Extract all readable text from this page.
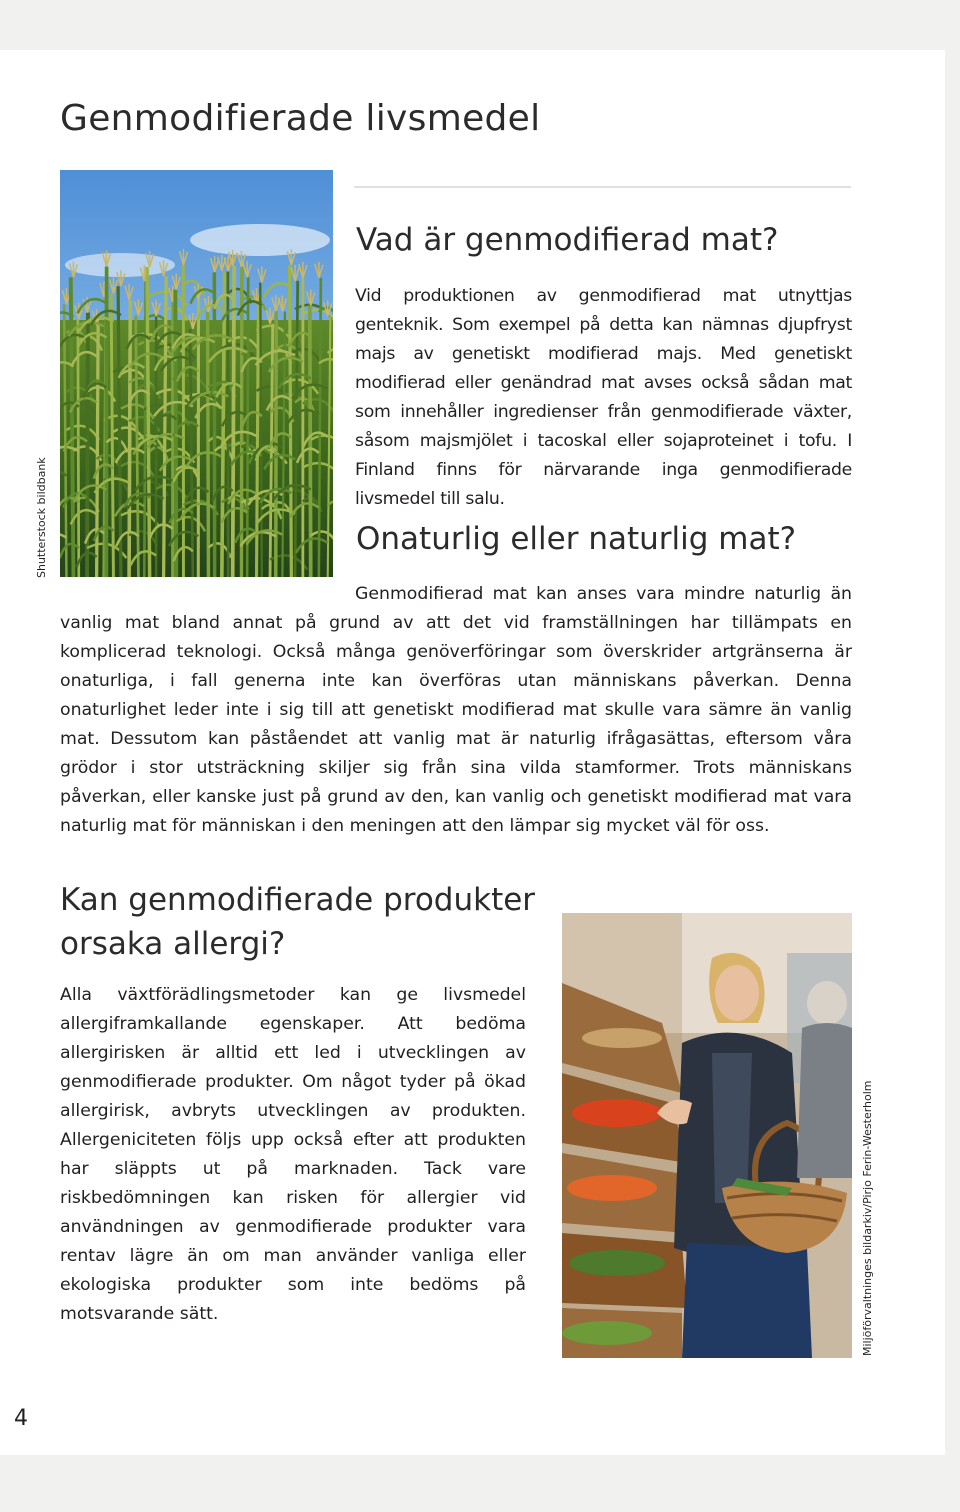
Genmodifierade livsmedel
Shutterstock bildbank
Vad är genmodifierad mat?

Vid produktionen av genmodifierad mat utnyttjas genteknik. Som exempel på detta kan nämnas djupfryst majs av genetiskt modifierad majs. Med genetiskt modifierad eller genändrad mat avses också sådan mat som innehåller ingredienser från genmodifierade växter, såsom majsmjölet i tacoskal eller sojaproteinet i tofu. I Finland finns för närvarande inga genmodifierade livsmedel till salu.

Onaturlig eller naturlig mat?

Genmodifierad mat kan anses vara mindre naturlig än vanlig mat bland annat på grund av att det vid framställningen har tillämpats en komplicerad teknologi. Också många genöverföringar som överskrider artgränserna är onaturliga, i fall generna inte kan överföras utan människans påverkan. Denna onaturlighet leder inte i sig till att genetiskt modifierad mat skulle vara sämre än vanlig mat. Dessutom kan påståendet att vanlig mat är naturlig ifrågasättas, eftersom våra grödor i stor utsträckning skiljer sig från sina vilda stamformer. Trots människans påverkan, eller kanske just på grund av den, kan vanlig och genetiskt modifierad mat vara naturlig mat för människan i den meningen att den lämpar sig mycket väl för oss.

Kan genmodifierade produkter orsaka allergi?

Alla växtförädlingsmetoder kan ge livsmedel allergiframkallande egenskaper. Att bedöma allergirisken är alltid ett led i utvecklingen av genmodifierade produkter. Om något tyder på ökad allergirisk, avbryts utvecklingen av produkten. Allergeniciteten följs upp också efter att produkten har släppts ut på marknaden. Tack vare riskbedömningen kan risken för allergier vid användningen av genmodifierade produkter vara rentav lägre än om man använder vanliga eller ekologiska produkter som inte bedöms på motsvarande sätt.	Miljöförvaltninges bildarkiv/Pirjo Ferin-Westerholm
4
